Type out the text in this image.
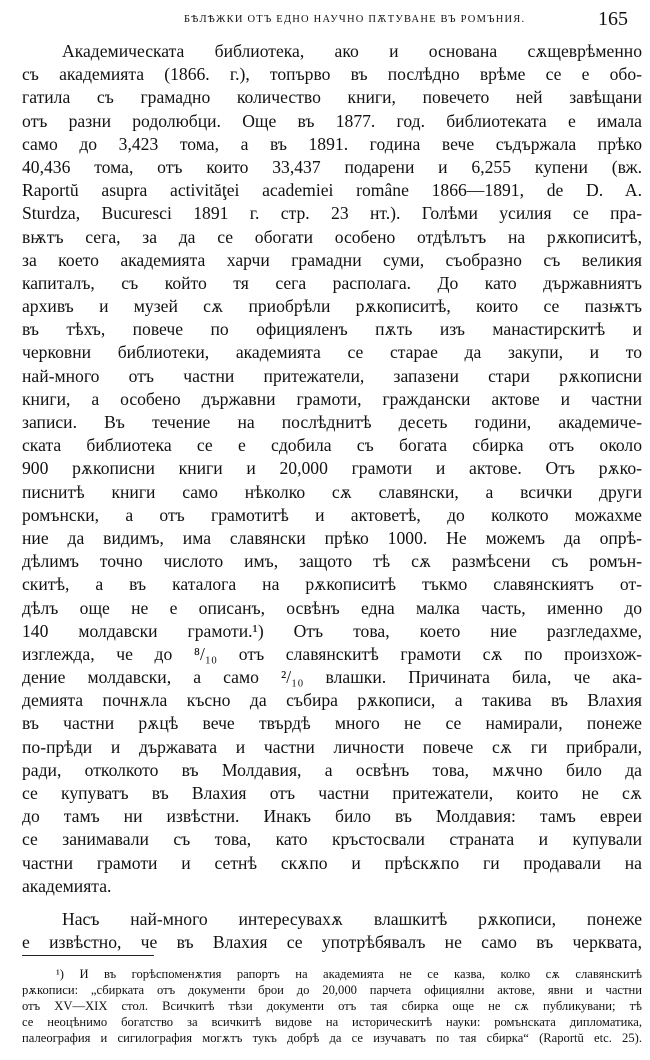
БѢЛѢЖКИ ОТЪ ЕДНО НАУЧНО ПѪТУВАНЕ ВЪ РОМЪНИЯ.	165
Академическата библиотека, ако и основана сѫщеврѣменно
съ академията (1866. г.), топърво въ послѣдно врѣме се е обо-
гатила съ грамадно количество книги, повечето ней завѣщани
отъ разни родолюбци. Още въ 1877. год. библиотеката е имала
само до 3,423 тома, а въ 1891. година вече съдържала прѣко
40,436 тома, отъ които 33,437 подарени и 6,255 купени (вж.
Raportŭ asupra activităţei academiei române 1866—1891, de D. A.
Sturdza, Bucuresci 1891 г. стр. 23 нт.). Голѣми усилия се пра-
вѭтъ сега, за да се обогати особено отдѣлътъ на рѫкописитѣ,
за което академията харчи грамадни суми, съобразно съ великия
капиталъ, съ който тя сега располага. До като държавниятъ
архивъ и музей сѫ приобрѣли рѫкописитѣ, които се пазѭтъ
въ тѣхъ, повече по официяленъ пѫть изъ манастирскитѣ и
черковни библиотеки, академията се старае да закупи, и то
най-много отъ частни притежатели, запазени стари рѫкописни
книги, а особено държавни грамоти, граждански актове и частни
записи. Въ течение на послѣднитѣ десеть години, академиче-
ската библиотека се е сдобила съ богата сбирка отъ около
900 рѫкописни книги и 20,000 грамоти и актове. Отъ рѫко-
писнитѣ книги само нѣколко сѫ славянски, а всички други
ромънски, а отъ грамотитѣ и актоветѣ, до колкото можахме
ние да видимъ, има славянски прѣко 1000. Не можемъ да опрѣ-
дѣлимъ точно числото имъ, защото тѣ сѫ размѣсени съ ромън-
скитѣ, а въ каталога на рѫкописитѣ тъкмо славянскиятъ от-
дѣлъ още не е описанъ, освѣнъ една малка часть, именно до
140 молдавски грамоти.¹) Отъ това, което ние разгледахме,
изглежда, че до ⁸/₁₀ отъ славянскитѣ грамоти сѫ по произхож-
дение молдавски, а само ²/₁₀ влашки. Причината била, че ака-
демията почнѫла късно да събира рѫкописи, а такива въ Влахия
въ частни рѫцѣ вече твърдѣ много не се намирали, понеже
по-прѣди и държавата и частни личности повече сѫ ги прибрали,
ради, отколкото въ Молдавия, а освѣнъ това, мѫчно било да
се купуватъ въ Влахия отъ частни притежатели, които не сѫ
до тамъ ни извѣстни. Инакъ било въ Молдавия: тамъ евреи
се занимавали съ това, като кръстосвали страната и купували
частни грамоти и сетнѣ скѫпо и прѣскѫпо ги продавали на
академията.
Насъ най-много интересувахѫ влашкитѣ рѫкописи, понеже
е извѣстно, че въ Влахия се употрѣбявалъ не само въ черквата,
¹) И въ горѣспоменѫтия рапортъ на академията не се казва, колко сѫ славянскитѣ
рѫкописи: „сбирката отъ документи брои до 20,000 парчета официялни актове, явни и частни
отъ XV—XIX стол. Всичкитѣ тѣзи документи отъ тая сбирка още не сѫ публикувани; тѣ
се неоцѣнимо богатство за всичкитѣ видове на историческитѣ науки: ромънската дипломатика,
палеография и сигилография могѫтъ тукъ добрѣ да се изучаватъ по тая сбирка“ (Raportŭ etc. 25).
